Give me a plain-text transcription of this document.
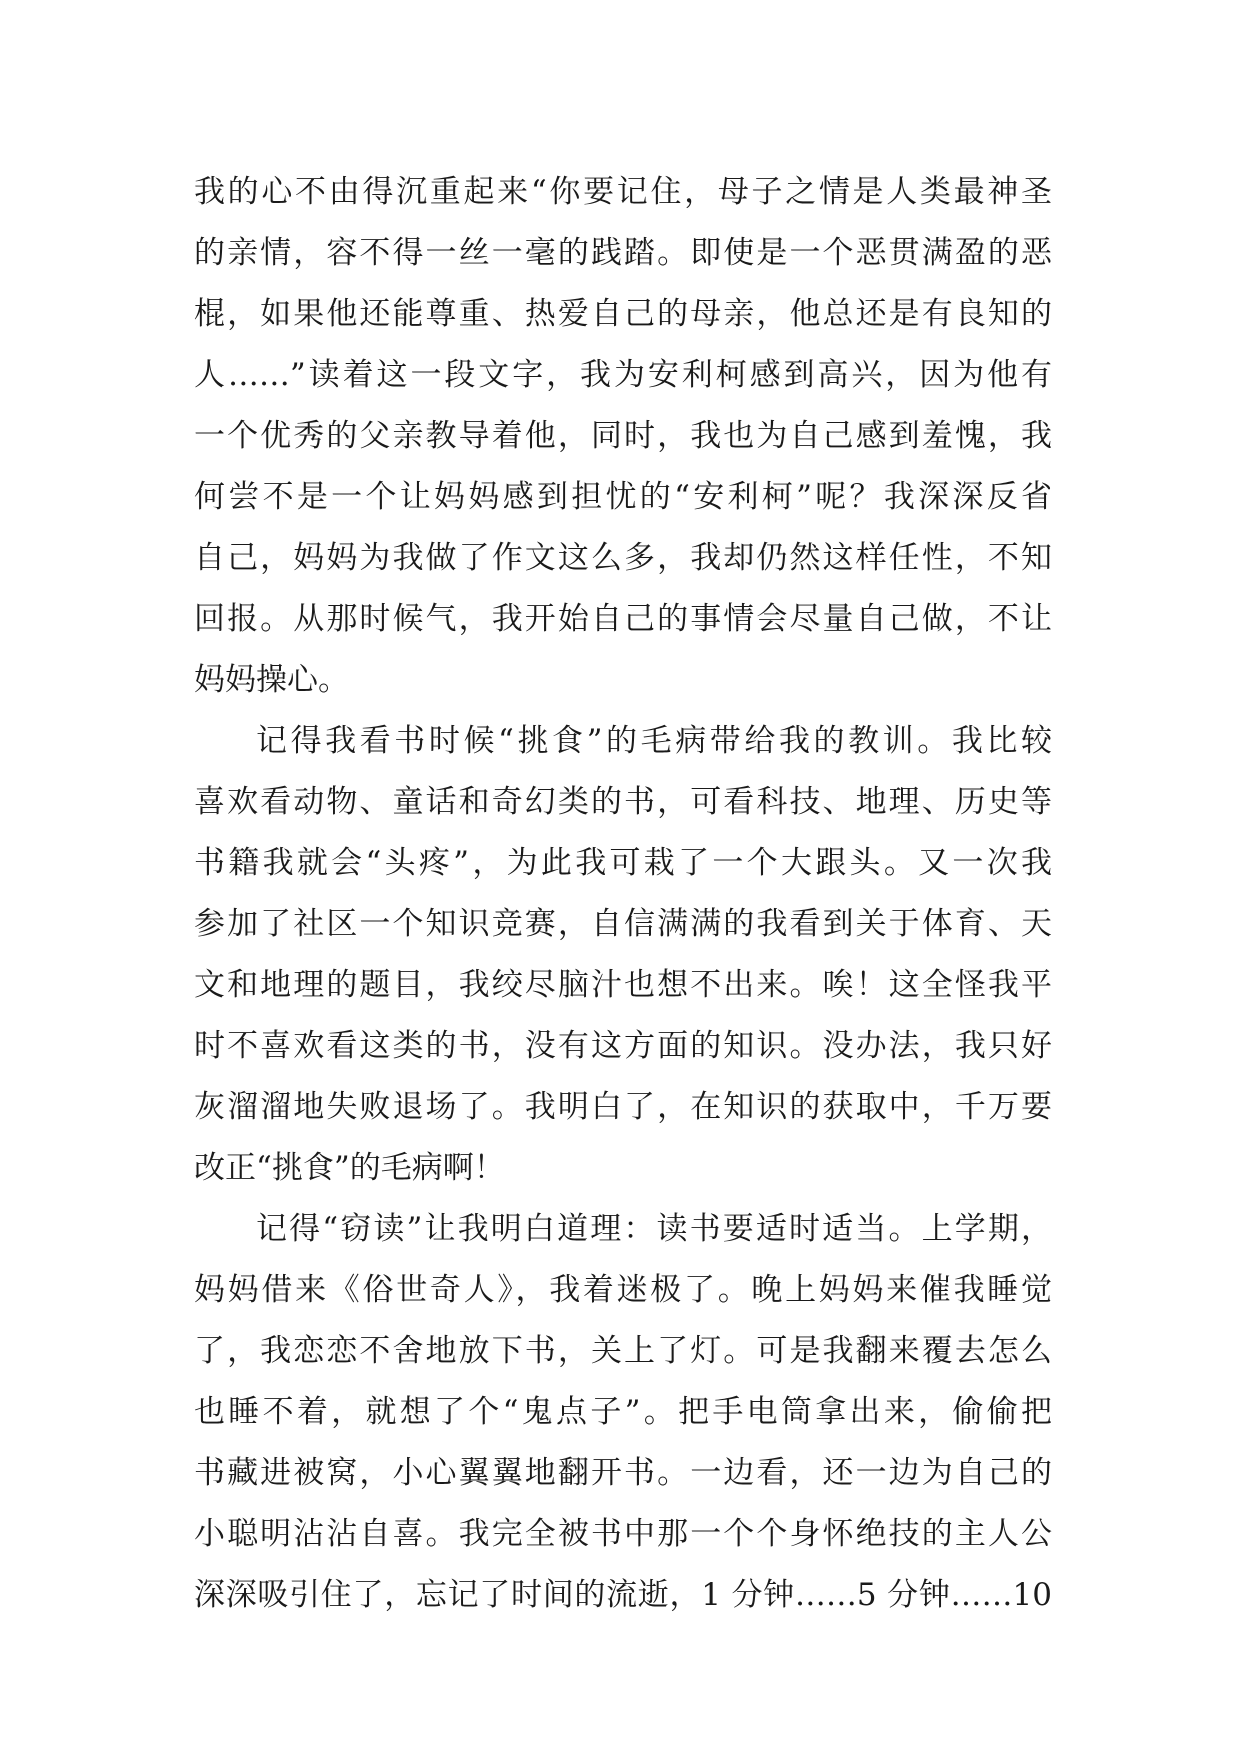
我的心不由得沉重起来“你要记住，母子之情是人类最神圣
的亲情，容不得一丝一毫的践踏。即使是一个恶贯满盈的恶
棍，如果他还能尊重、热爱自己的母亲，他总还是有良知的
人……”读着这一段文字，我为安利柯感到高兴，因为他有
一个优秀的父亲教导着他，同时，我也为自己感到羞愧，我
何尝不是一个让妈妈感到担忧的“安利柯”呢？我深深反省
自己，妈妈为我做了作文这么多，我却仍然这样任性，不知
回报。从那时候气，我开始自己的事情会尽量自己做，不让
妈妈操心。
记得我看书时候“挑食”的毛病带给我的教训。我比较
喜欢看动物、童话和奇幻类的书，可看科技、地理、历史等
书籍我就会“头疼”，为此我可栽了一个大跟头。又一次我
参加了社区一个知识竞赛，自信满满的我看到关于体育、天
文和地理的题目，我绞尽脑汁也想不出来。唉！这全怪我平
时不喜欢看这类的书，没有这方面的知识。没办法，我只好
灰溜溜地失败退场了。我明白了，在知识的获取中，千万要
改正“挑食”的毛病啊！
记得“窃读”让我明白道理：读书要适时适当。上学期，
妈妈借来《俗世奇人》，我着迷极了。晚上妈妈来催我睡觉
了，我恋恋不舍地放下书，关上了灯。可是我翻来覆去怎么
也睡不着，就想了个“鬼点子”。把手电筒拿出来，偷偷把
书藏进被窝，小心翼翼地翻开书。一边看，还一边为自己的
小聪明沾沾自喜。我完全被书中那一个个身怀绝技的主人公
深深吸引住了，忘记了时间的流逝，1 分钟……5 分钟……10
